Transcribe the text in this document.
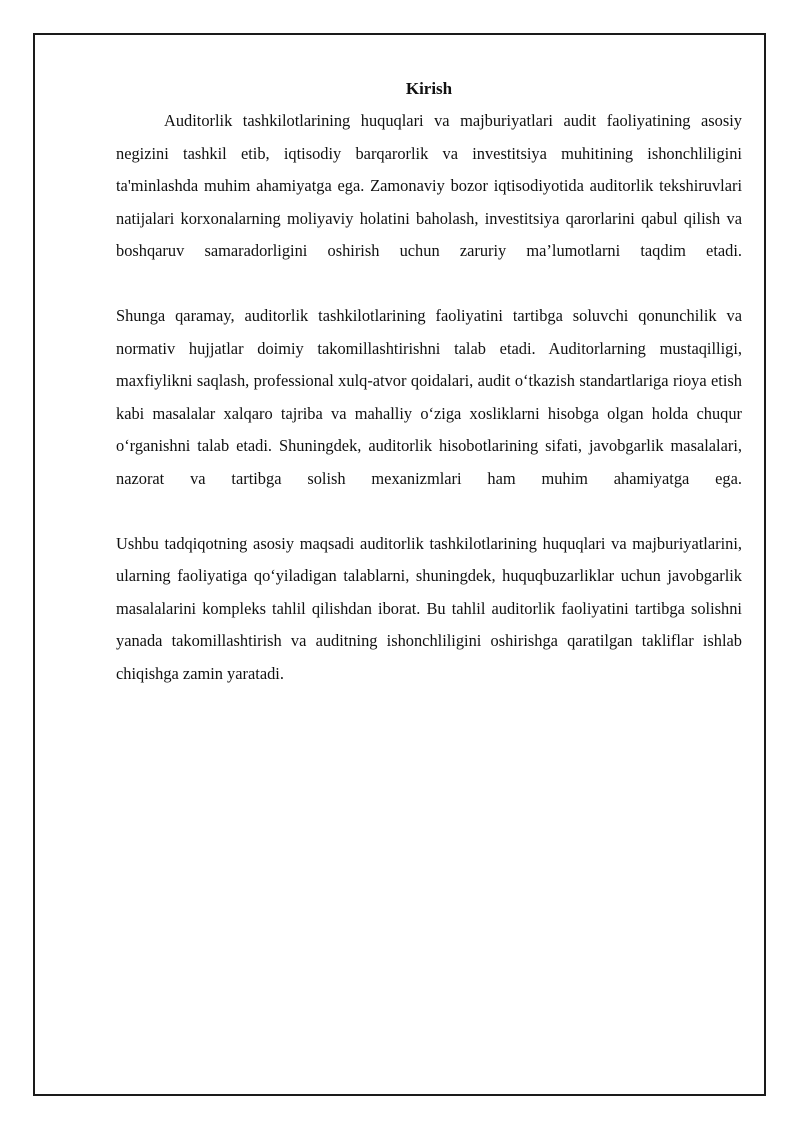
Kirish

Auditorlik tashkilotlarining huquqlari va majburiyatlari audit faoliyatining asosiy negizini tashkil etib, iqtisodiy barqarorlik va investitsiya muhitining ishonchliligini ta'minlashda muhim ahamiyatga ega. Zamonaviy bozor iqtisodiyotida auditorlik tekshiruvlari natijalari korxonalarning moliyaviy holatini baholash, investitsiya qarorlarini qabul qilish va boshqaruv samaradorligini oshirish uchun zaruriy ma’lumotlarni taqdim etadi.

Shunga qaramay, auditorlik tashkilotlarining faoliyatini tartibga soluvchi qonunchilik va normativ hujjatlar doimiy takomillashtirishni talab etadi. Auditorlarning mustaqilligi, maxfiylikni saqlash, professional xulq-atvor qoidalari, audit o‘tkazish standartlariga rioya etish kabi masalalar xalqaro tajriba va mahalliy o‘ziga xosliklarni hisobga olgan holda chuqur o‘rganishni talab etadi. Shuningdek, auditorlik hisobotlarining sifati, javobgarlik masalalari, nazorat va tartibga solish mexanizmlari ham muhim ahamiyatga ega.

Ushbu tadqiqotning asosiy maqsadi auditorlik tashkilotlarining huquqlari va majburiyatlarini, ularning faoliyatiga qo‘yiladigan talablarni, shuningdek, huquqbuzarliklar uchun javobgarlik masalalarini kompleks tahlil qilishdan iborat. Bu tahlil auditorlik faoliyatini tartibga solishni yanada takomillashtirish va auditning ishonchliligini oshirishga qaratilgan takliflar ishlab chiqishga zamin yaratadi.
